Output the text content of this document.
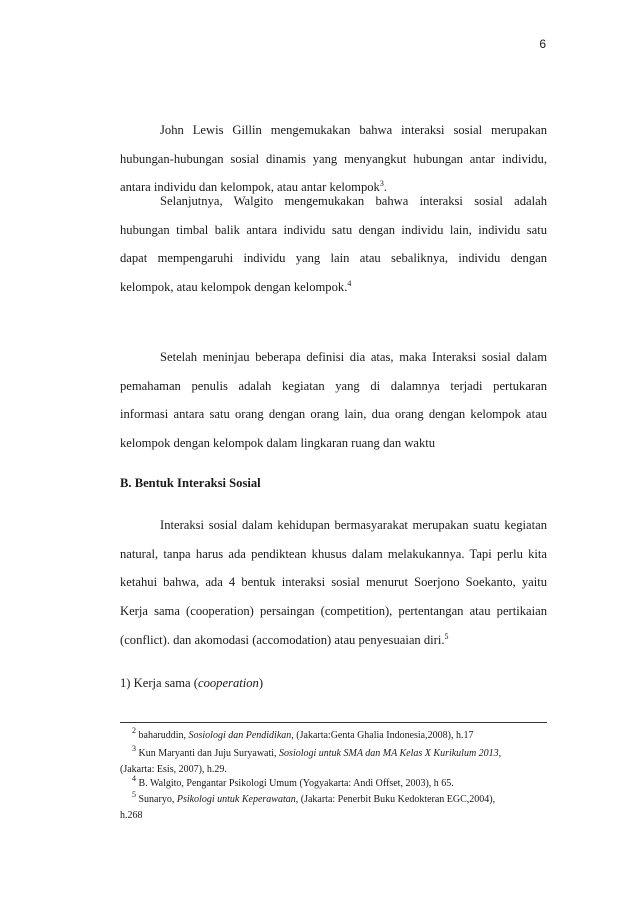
6
John Lewis Gillin mengemukakan bahwa interaksi sosial merupakan
hubungan-hubungan sosial dinamis yang menyangkut hubungan antar individu,
antara individu dan kelompok, atau antar kelompok$^3$.
Selanjutnya, Walgito mengemukakan bahwa interaksi sosial adalah
hubungan timbal balik antara individu satu dengan individu lain, individu satu
dapat mempengaruhi individu yang lain atau sebaliknya, individu dengan
kelompok, atau kelompok dengan kelompok.$^4$
Setelah meninjau beberapa definisi dia atas, maka Interaksi sosial dalam
pemahaman penulis adalah kegiatan yang di dalamnya terjadi pertukaran
informasi antara satu orang dengan orang lain, dua orang dengan kelompok atau
kelompok dengan kelompok dalam lingkaran ruang dan waktu
B. Bentuk Interaksi Sosial
Interaksi sosial dalam kehidupan bermasyarakat merupakan suatu kegiatan
natural, tanpa harus ada pendiktean khusus dalam melakukannya. Tapi perlu kita
ketahui bahwa, ada 4 bentuk interaksi sosial menurut Soerjono Soekanto, yaitu
Kerja sama (cooperation) persaingan (competition), pertentangan atau pertikaian
(conflict). dan akomodasi (accomodation) atau penyesuaian diri.$^5$
1) Kerja sama (cooperation)
$^2$ baharuddin, Sosiologi dan Pendidikan, (Jakarta:Genta Ghalia Indonesia,2008), h.17
$^3$ Kun Maryanti dan Juju Suryawati, Sosiologi untuk SMA dan MA Kelas X Kurikulum 2013,
(Jakarta: Esis, 2007), h.29.
$^4$ B. Walgito, Pengantar Psikologi Umum (Yogyakarta: Andi Offset, 2003), h 65.
$^5$ Sunaryo, Psikologi untuk Keperawatan, (Jakarta: Penerbit Buku Kedokteran EGC,2004),
h.268
